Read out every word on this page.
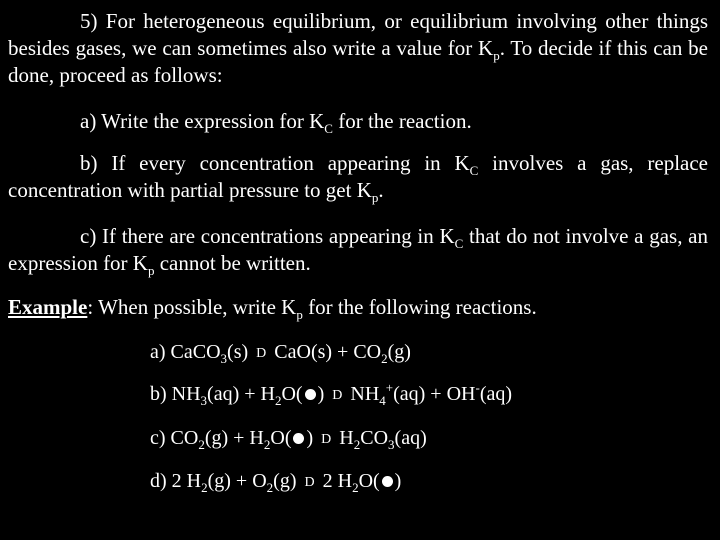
5) For heterogeneous equilibrium, or equilibrium involving other things besides gases, we can sometimes also write a value for $K_p$. To decide if this can be done, proceed as follows:
a) Write the expression for $K_C$ for the reaction.
b) If every concentration appearing in $K_C$ involves a gas, replace concentration with partial pressure to get $K_p$.
c) If there are concentrations appearing in $K_C$ that do not involve a gas, an expression for $K_p$ cannot be written.
Example: When possible, write $K_p$ for the following reactions.
a) CaCO$_3$(s) D $CaO(s) + CO_2(g)$
b) $NH_3(aq) + H_2O$( ) D $NH_4^+(aq) + OH^-(aq)$
c) $CO_2(g) + H_2O$( ) D $H_2CO_3(aq)$
d) 2 $H_2(g) + O_2(g)$ D 2 $H_2O$( )
